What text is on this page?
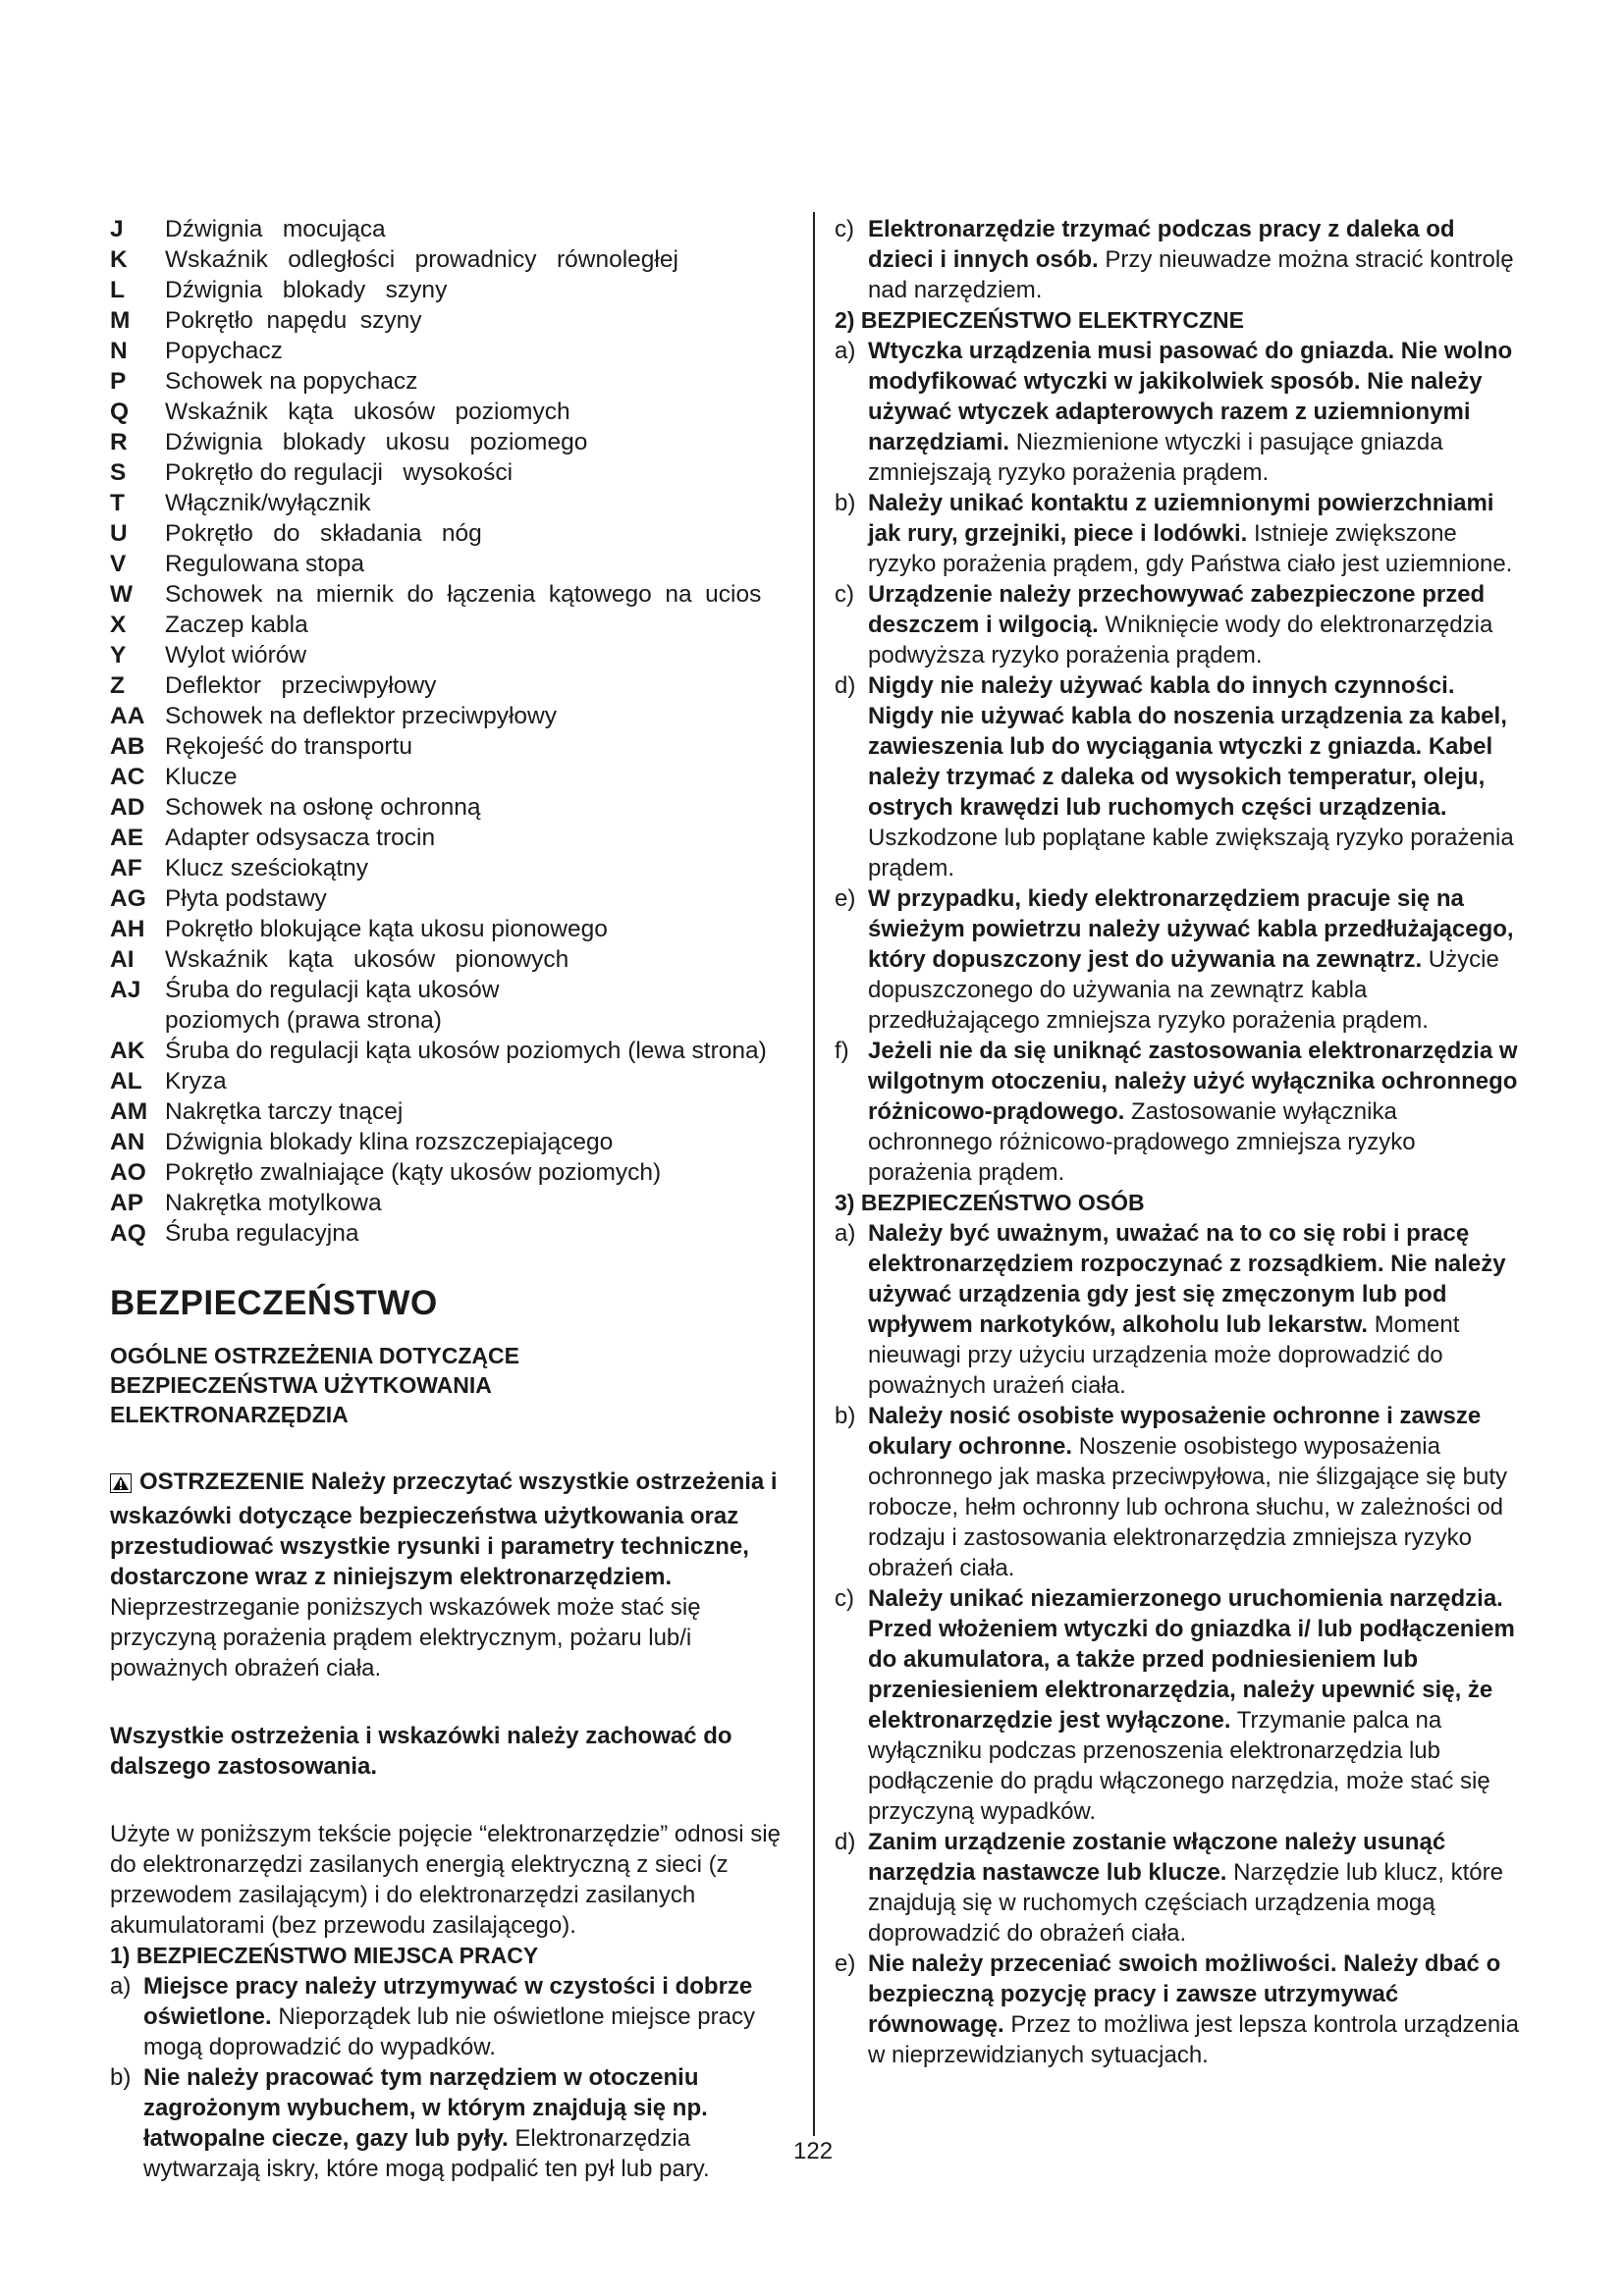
J	Dźwignia   mocująca
K	Wskaźnik   odległości   prowadnicy   równoległej
L	Dźwignia   blokady   szyny
M	Pokrętło  napędu  szyny
N	Popychacz
P	Schowek na popychacz
Q	Wskaźnik   kąta   ukosów   poziomych
R	Dźwignia   blokady   ukosu   poziomego
S	Pokrętło do regulacji   wysokości
T	Włącznik/wyłącznik
U	Pokrętło   do   składania   nóg
V	Regulowana stopa
W	Schowek  na  miernik  do  łączenia  kątowego  na  ucios
X	Zaczep kabla
Y	Wylot wiórów
Z	Deflektor   przeciwpyłowy
AA Schowek na deflektor przeciwpyłowy
AB Rękojeść do transportu
AC Klucze
AD Schowek na osłonę ochronną
AE Adapter odsysacza trocin
AF Klucz sześciokątny
AG Płyta podstawy
AH Pokrętło blokujące kąta ukosu pionowego
AI	Wskaźnik   kąta   ukosów   pionowych
AJ	Śruba do regulacji kąta ukosów
poziomych (prawa strona)
AK Śruba do regulacji kąta ukosów poziomych (lewa strona)
AL Kryza
AM Nakrętka tarczy tnącej
AN Dźwignia blokady klina rozszczepiającego
AO Pokrętło zwalniające (kąty ukosów poziomych)
AP Nakrętka motylkowa
AQ Śruba regulacyjna
BEZPIECZEŃSTWO
OGÓLNE OSTRZEŻENIA DOTYCZĄCE
BEZPIECZEŃSTWA UŻYTKOWANIA
ELEKTRONARZĘDZIA
OSTRZEZENIE Należy przeczytać wszystkie ostrzeżenia i wskazówki dotyczące bezpieczeństwa użytkowania oraz przestudiować wszystkie rysunki i parametry techniczne, dostarczone wraz z niniejszym elektronarzędziem. Nieprzestrzeganie poniższych wskazówek może stać się przyczyną porażenia prądem elektrycznym, pożaru lub/i poważnych obrażeń ciała.
Wszystkie ostrzeżenia i wskazówki należy zachować do dalszego zastosowania.
Użyte w poniższym tekście pojęcie “elektronarzędzie” odnosi się do elektronarzędzi zasilanych energią elektryczną z sieci (z przewodem zasilającym) i do elektronarzędzi zasilanych akumulatorami (bez przewodu zasilającego).
1) BEZPIECZEŃSTWO MIEJSCA PRACY
a) Miejsce pracy należy utrzymywać w czystości i dobrze oświetlone. Nieporządek lub nie oświetlone miejsce pracy mogą doprowadzić do wypadków.
b) Nie należy pracować tym narzędziem w otoczeniu zagrożonym wybuchem, w którym znajdują się np. łatwopalne ciecze, gazy lub pyły. Elektronarzędzia wytwarzają iskry, które mogą podpalić ten pył lub pary.
c) Elektronarzędzie trzymać podczas pracy z daleka od dzieci i innych osób. Przy nieuwadze można stracić kontrolę nad narzędziem.
2) BEZPIECZEŃSTWO ELEKTRYCZNE
a) Wtyczka urządzenia musi pasować do gniazda. Nie wolno modyfikować wtyczki w jakikolwiek sposób. Nie należy używać wtyczek adapterowych razem z uziemnionymi narzędziami. Niezmienione wtyczki i pasujące gniazda zmniejszają ryzyko porażenia prądem.
b) Należy unikać kontaktu z uziemnionymi powierzchniami jak rury, grzejniki, piece i lodówki. Istnieje zwiększone ryzyko porażenia prądem, gdy Państwa ciało jest uziemnione.
c) Urządzenie należy przechowywać zabezpieczone przed deszczem i wilgocią. Wniknięcie wody do elektronarzędzia podwyższa ryzyko porażenia prądem.
d) Nigdy nie należy używać kabla do innych czynności. Nigdy nie używać kabla do noszenia urządzenia za kabel, zawieszenia lub do wyciągania wtyczki z gniazda. Kabel należy trzymać z daleka od wysokich temperatur, oleju, ostrych krawędzi lub ruchomych części urządzenia. Uszkodzone lub poplątane kable zwiększają ryzyko porażenia prądem.
e) W przypadku, kiedy elektronarzędziem pracuje się na świeżym powietrzu należy używać kabla przedłużającego, który dopuszczony jest do używania na zewnątrz. Użycie dopuszczonego do używania na zewnątrz kabla przedłużającego zmniejsza ryzyko porażenia prądem.
f) Jeżeli nie da się uniknąć zastosowania elektronarzędzia w wilgotnym otoczeniu, należy użyć wyłącznika ochronnego różnicowo-prądowego. Zastosowanie wyłącznika ochronnego różnicowo-prądowego zmniejsza ryzyko porażenia prądem.
3) BEZPIECZEŃSTWO OSÓB
a) Należy być uważnym, uważać na to co się robi i pracę elektronarzędziem rozpoczynać z rozsądkiem. Nie należy używać urządzenia gdy jest się zmęczonym lub pod wpływem narkotyków, alkoholu lub lekarstw. Moment nieuwagi przy użyciu urządzenia może doprowadzić do poważnych urażeń ciała.
b) Należy nosić osobiste wyposażenie ochronne i zawsze okulary ochronne. Noszenie osobistego wyposażenia ochronnego jak maska przeciwpyłowa, nie ślizgające się buty robocze, hełm ochronny lub ochrona słuchu, w zależności od rodzaju i zastosowania elektronarzędzia zmniejsza ryzyko obrażeń ciała.
c) Należy unikać niezamierzonego uruchomienia narzędzia. Przed włożeniem wtyczki do gniazdka i/ lub podłączeniem do akumulatora, a także przed podniesieniem lub przeniesieniem elektronarzędzia, należy upewnić się, że elektronarzędzie jest wyłączone. Trzymanie palca na wyłączniku podczas przenoszenia elektronarzędzia lub podłączenie do prądu włączonego narzędzia, może stać się przyczyną wypadków.
d) Zanim urządzenie zostanie włączone należy usunąć narzędzia nastawcze lub klucze. Narzędzie lub klucz, które znajdują się w ruchomych częściach urządzenia mogą doprowadzić do obrażeń ciała.
e) Nie należy przeceniać swoich możliwości. Należy dbać o bezpieczną pozycję pracy i zawsze utrzymywać równowagę. Przez to możliwa jest lepsza kontrola urządzenia w nieprzewidzianych sytuacjach.
122
